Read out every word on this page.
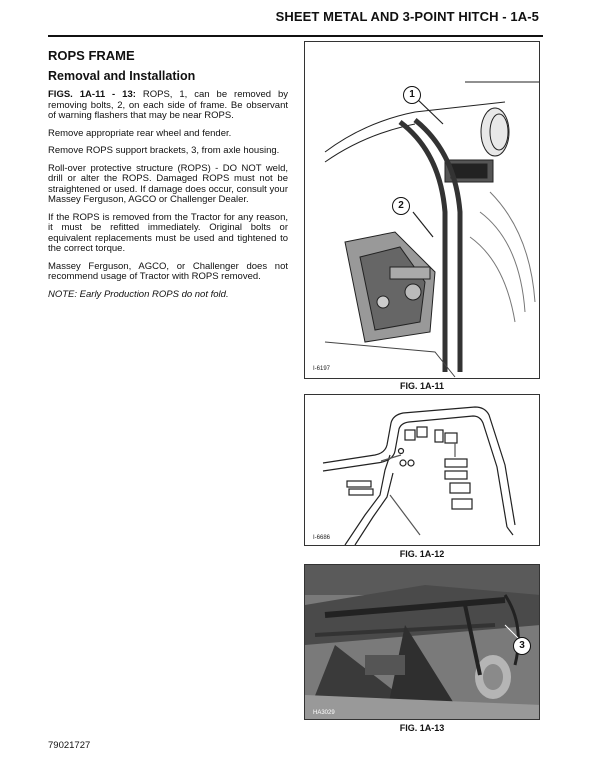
SHEET METAL AND 3-POINT HITCH - 1A-5
ROPS FRAME
Removal and Installation

FIGS. 1A-11 - 13: ROPS, 1, can be removed by removing bolts, 2, on each side of frame. Be observant of warning flashers that may be near ROPS.

Remove appropriate rear wheel and fender.

Remove ROPS support brackets, 3, from axle housing.

Roll-over protective structure (ROPS) - DO NOT weld, drill or alter the ROPS. Damaged ROPS must not be straightened or used. If damage does occur, consult your Massey Ferguson, AGCO or Challenger Dealer.

If the ROPS is removed from the Tractor for any reason, it must be refitted immediately. Original bolts or equivalent replacements must be used and tightened to the correct torque.

Massey Ferguson, AGCO, or Challenger does not recommend usage of Tractor with ROPS removed.

NOTE: Early Production ROPS do not fold.

1
2
I-6197
FIG. 1A-11
I-6686
FIG. 1A-12
3
HA3029
FIG. 1A-13
79021727
